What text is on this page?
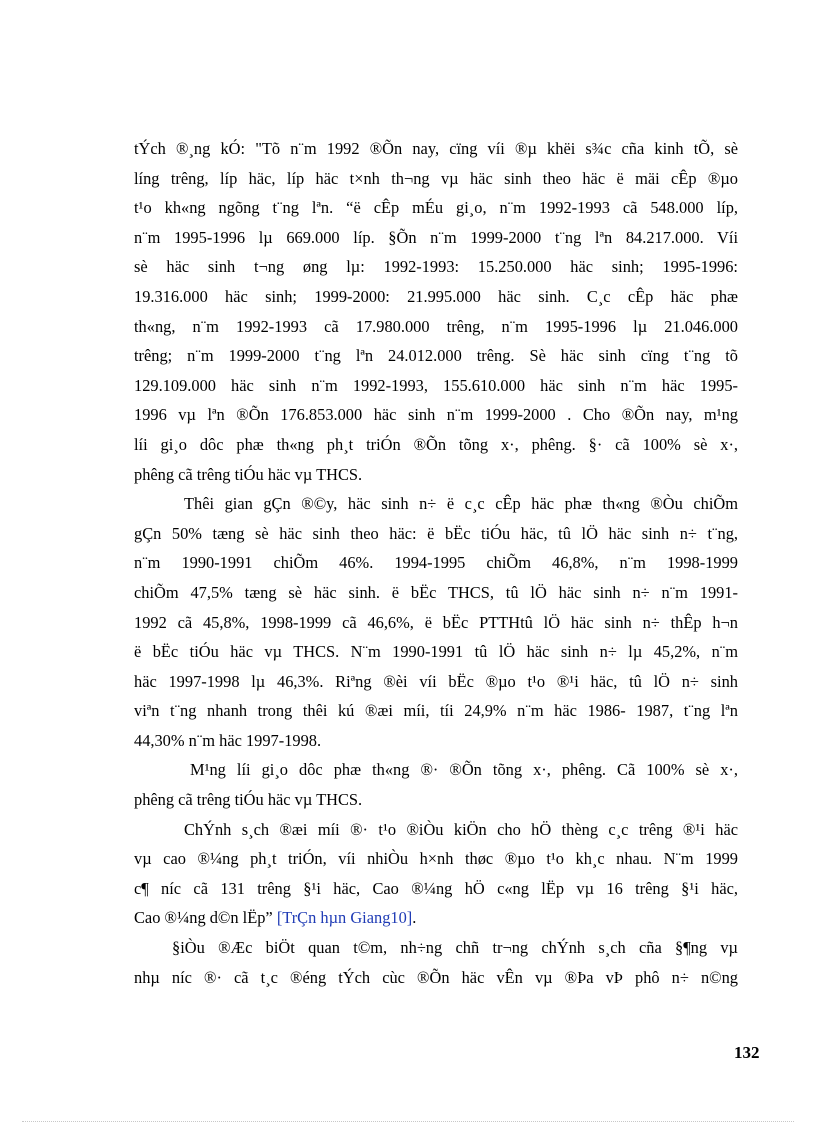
tÝch ®¸ng kÓ: "Tõ n¨m 1992 ®Õn nay, cïng víi ®µ khëi s¾c cña kinh tÕ, sè
líng trêng, líp häc, líp häc t×nh th¬ng vµ häc sinh theo häc ë mäi cÊp ®µo
t¹o kh«ng ngõng t¨ng lªn. “ë cÊp mÉu gi¸o, n¨m 1992-1993 cã 548.000 líp,
n¨m 1995-1996 lµ 669.000 líp. §Õn n¨m 1999-2000 t¨ng lªn 84.217.000. Víi
sè häc sinh t¬ng øng lµ: 1992-1993: 15.250.000 häc sinh; 1995-1996:
19.316.000 häc sinh; 1999-2000: 21.995.000 häc sinh. C¸c cÊp häc phæ
th«ng, n¨m 1992-1993 cã 17.980.000 trêng, n¨m 1995-1996 lµ 21.046.000
trêng; n¨m 1999-2000 t¨ng lªn 24.012.000 trêng. Sè häc sinh cïng t¨ng tõ
129.109.000 häc sinh n¨m 1992-1993, 155.610.000 häc sinh n¨m häc 1995-
1996 vµ lªn ®Õn 176.853.000 häc sinh n¨m 1999-2000 . Cho ®Õn nay, m¹ng
líi gi¸o dôc phæ th«ng ph¸t triÓn ®Õn tõng x·, phêng. §· cã 100% sè x·,
phêng cã trêng tiÓu häc vµ THCS.
Thêi gian gÇn ®©y, häc sinh n÷ ë c¸c cÊp häc phæ th«ng ®Òu chiÕm
gÇn 50% tæng sè häc sinh theo häc: ë bËc tiÓu häc, tû lÖ häc sinh n÷ t¨ng,
n¨m 1990-1991 chiÕm 46%. 1994-1995 chiÕm 46,8%, n¨m 1998-1999
chiÕm 47,5% tæng sè häc sinh. ë bËc THCS, tû lÖ häc sinh n÷ n¨m 1991-
1992 cã 45,8%, 1998-1999 cã 46,6%, ë bËc PTTHtû lÖ häc sinh n÷ thÊp h¬n
ë bËc tiÓu häc vµ THCS. N¨m 1990-1991 tû lÖ häc sinh n÷ lµ 45,2%, n¨m
häc 1997-1998 lµ 46,3%. Riªng ®èi víi bËc ®µo t¹o ®¹i häc, tû lÖ n÷ sinh
viªn t¨ng nhanh trong thêi kú ®æi míi, tíi 24,9% n¨m häc 1986- 1987, t¨ng lªn
44,30% n¨m häc 1997-1998.
M¹ng líi gi¸o dôc phæ th«ng ®· ®Õn tõng x·, phêng. Cã 100% sè x·,
phêng cã trêng tiÓu häc vµ THCS.
ChÝnh s¸ch ®æi míi ®· t¹o ®iÒu kiÖn cho hÖ thèng c¸c trêng ®¹i häc
vµ cao ®¼ng ph¸t triÓn, víi nhiÒu h×nh thøc ®µo t¹o kh¸c nhau. N¨m 1999
c¶ níc cã 131 trêng §¹i häc, Cao ®¼ng hÖ c«ng lËp vµ 16 trêng §¹i häc,
Cao ®¼ng d©n lËp” [TrÇn hµn Giang10].
§iÒu ®Æc biÖt quan t©m, nh÷ng chñ tr¬ng chÝnh s¸ch cña §¶ng vµ
nhµ níc ®· cã t¸c ®éng tÝch cùc ®Õn häc vÊn vµ ®Þa vÞ phô n÷ n©ng
132
